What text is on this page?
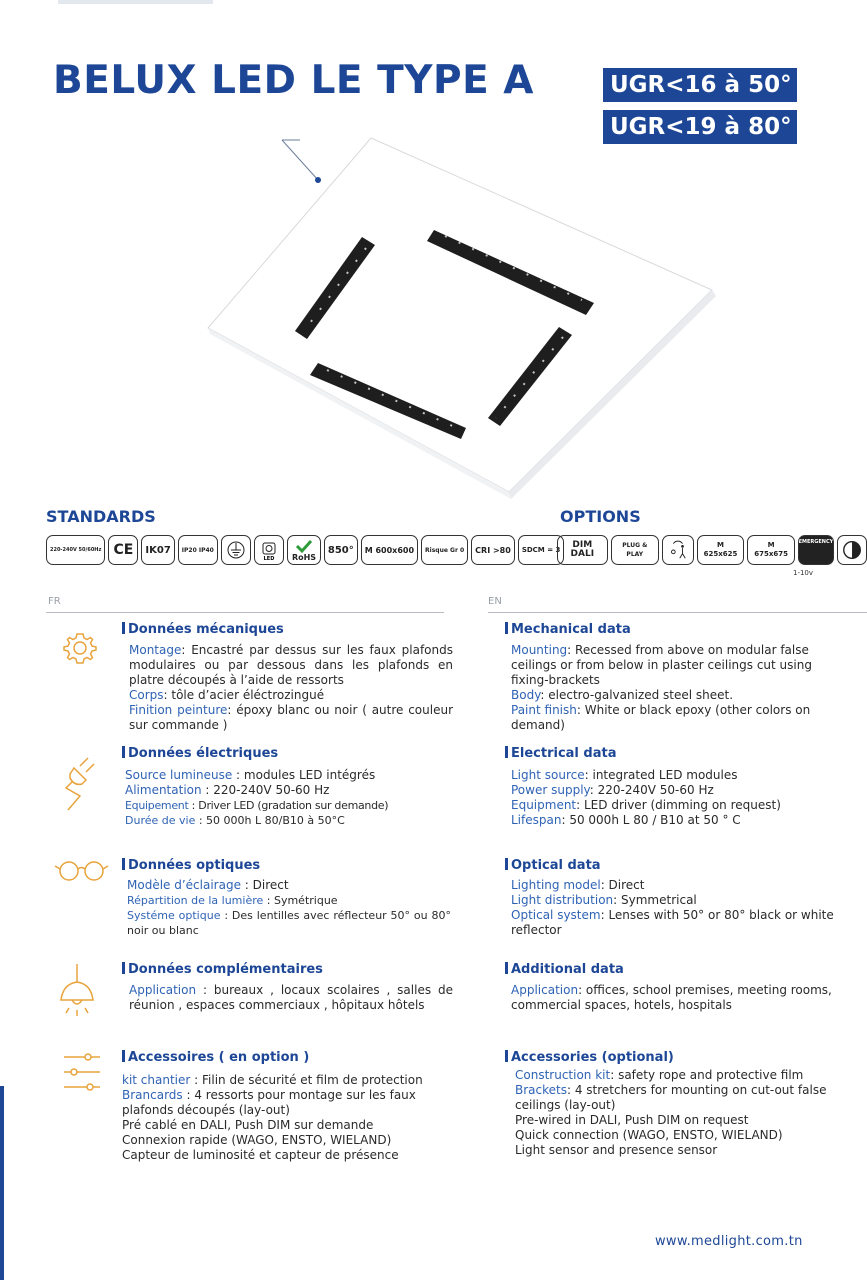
BELUX LED LE TYPE A	UGR<16 à 50°
UGR<19 à 80°
STANDARDS
220-240V 50/60Hz CE	IK07	IP20 IP40
LED RoHS
850°	M 600x600	Risque Gr 0	CRI >80	SDCM = 3
OPTIONS
DIM DALI
PLUG & PLAY
M 625x625
M 675x675
EMERGENCY
1-10v
FR	EN
Données mécaniques
Montage: Encastré par dessus sur les faux plafonds modulaires ou par dessous dans les plafonds en platre découpés à l’aide de ressorts
Corps: tôle d’acier éléctrozingué
Finition peinture: époxy blanc ou noir ( autre couleur sur commande )
Données électriques
Source lumineuse : modules LED intégrés
Alimentation : 220-240V 50-60 Hz
Equipement : Driver LED (gradation sur demande)
Durée de vie : 50 000h L 80/B10 à 50°C
Données optiques
Modèle d’éclairage : Direct
Répartition de la lumière : Symétrique
Systéme optique : Des lentilles avec réflecteur 50° ou 80° noir ou blanc
Données complémentaires
Application : bureaux , locaux scolaires , salles de réunion , espaces commerciaux , hôpitaux hôtels
Accessoires ( en option )
kit chantier : Filin de sécurité et film de protection
Brancards : 4 ressorts pour montage sur les faux plafonds découpés (lay-out)
Pré cablé en DALI, Push DIM sur demande
Connexion rapide (WAGO, ENSTO, WIELAND)
Capteur de luminosité et capteur de présence
Mechanical data
Mounting: Recessed from above on modular false ceilings or from below in plaster ceilings cut using fixing-brackets
Body: electro-galvanized steel sheet.
Paint finish: White or black epoxy (other colors on demand)
Electrical data
Light source: integrated LED modules
Power supply: 220-240V 50-60 Hz
Equipment: LED driver (dimming on request)
Lifespan: 50 000h L 80 / B10 at 50 ° C
Optical data
Lighting model: Direct
Light distribution: Symmetrical
Optical system: Lenses with 50° or 80° black or white reflector
Additional data
Application: offices, school premises, meeting rooms, commercial spaces, hotels, hospitals
Accessories (optional)
Construction kit: safety rope and protective film
Brackets: 4 stretchers for mounting on cut-out false ceilings (lay-out)
Pre-wired in DALI, Push DIM on request
Quick connection (WAGO, ENSTO, WIELAND)
Light sensor and presence sensor
www.medlight.com.tn
